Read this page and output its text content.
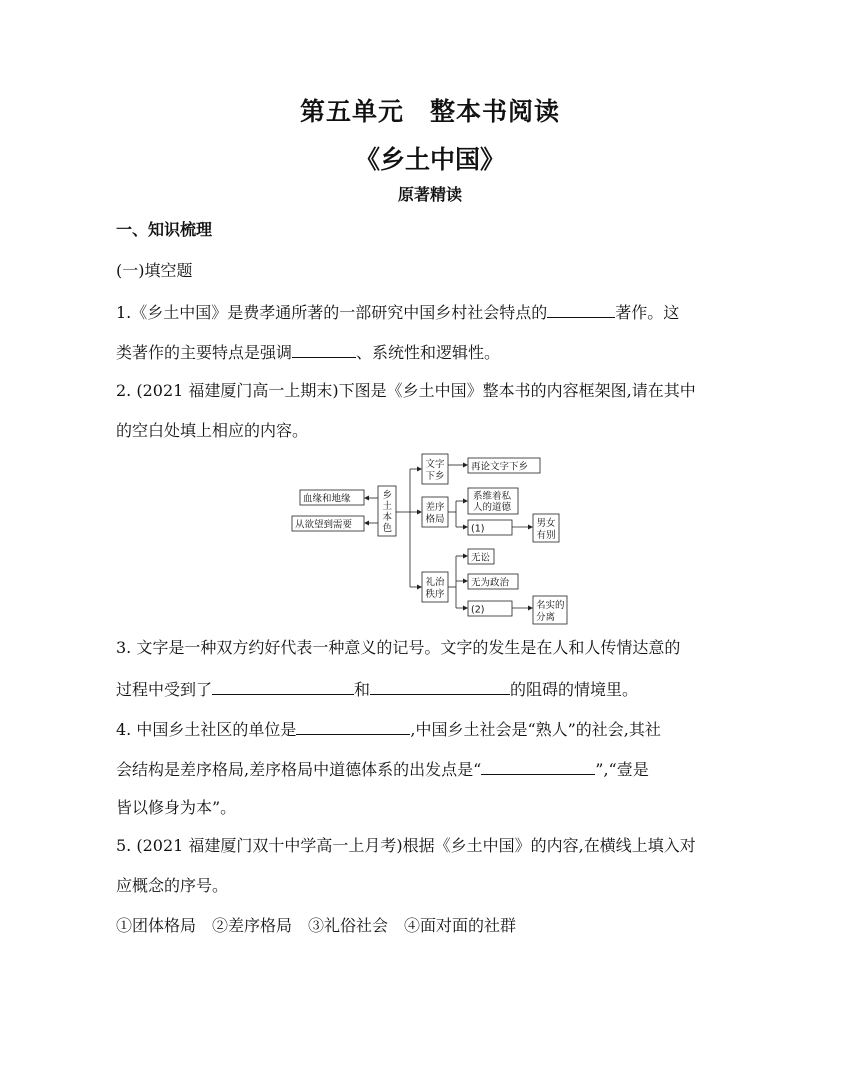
第五单元　整本书阅读
《乡土中国》
原著精读
一、知识梳理
(一)填空题
1.《乡土中国》是费孝通所著的一部研究中国乡村社会特点的	著作。这
类著作的主要特点是强调	、系统性和逻辑性。
2. (2021 福建厦门高一上期末)下图是《乡土中国》整本书的内容框架图,请在其中
的空白处填上相应的内容。
血缘和地缘
从欲望到需要
乡
土
本
色
文字
下乡
差序
格局
礼治
秩序
再论文字下乡
系维着私
人的道德
(1)	男女
有别
无讼
无为政治
(2)	名实的
分离
3. 文字是一种双方约好代表一种意义的记号。文字的发生是在人和人传情达意的
过程中受到了	和	的阻碍的情境里。
4. 中国乡土社区的单位是	,中国乡土社会是“熟人”的社会,其社
会结构是差序格局,差序格局中道德体系的出发点是“	”,“壹是
皆以修身为本”。
5. (2021 福建厦门双十中学高一上月考)根据《乡土中国》的内容,在横线上填入对
应概念的序号。
①团体格局　②差序格局　③礼俗社会　④面对面的社群
